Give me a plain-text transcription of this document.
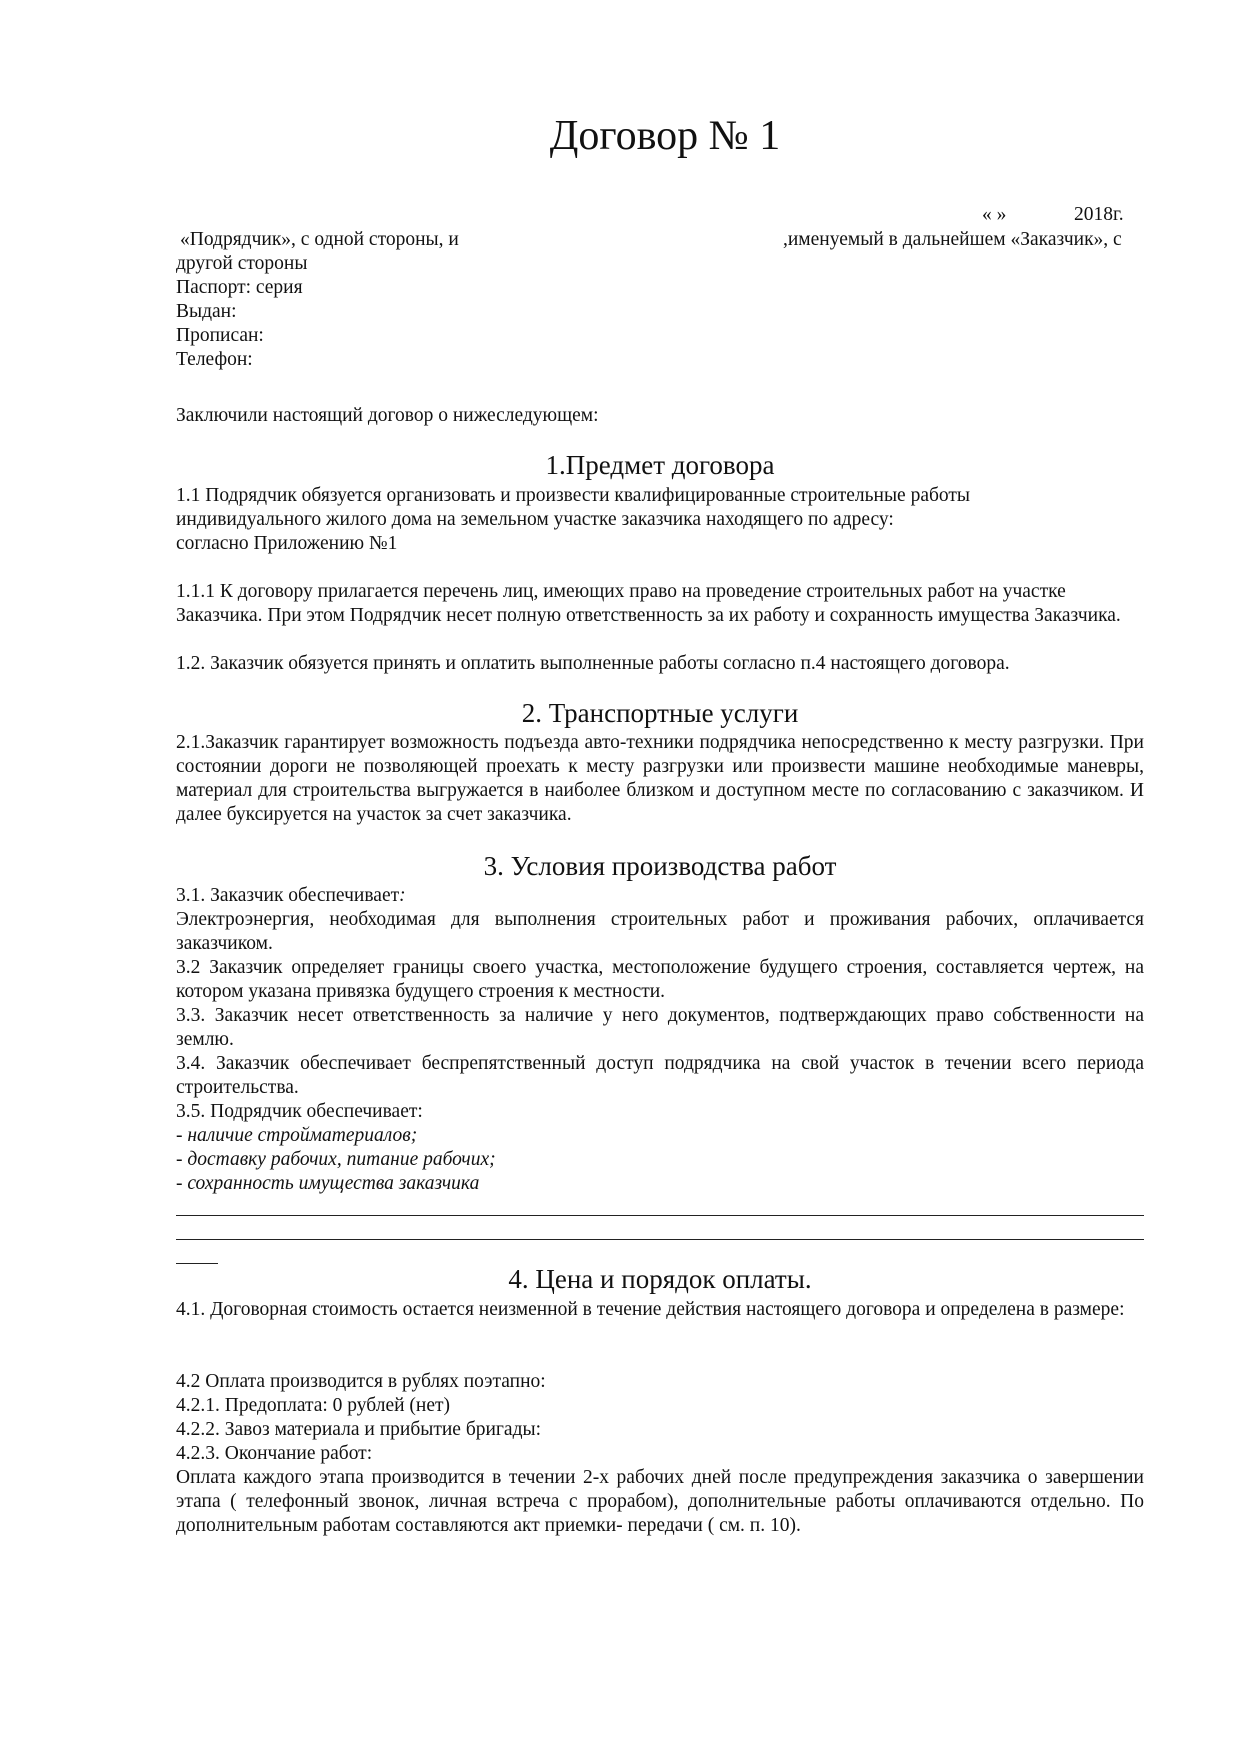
Договор № 1
« »	2018г.
«Подрядчик», с одной стороны, и	,именуемый в дальнейшем «Заказчик», с
другой стороны
Паспорт: серия
Выдан:
Прописан:
Телефон:
Заключили настоящий договор о нижеследующем:
1.Предмет договора
1.1 Подрядчик обязуется организовать и произвести квалифицированные строительные работы
индивидуального жилого дома на земельном участке заказчика находящего по адресу:
согласно Приложению №1
1.1.1 К договору прилагается перечень лиц, имеющих право на проведение строительных работ на участке Заказчика. При этом Подрядчик несет полную ответственность за их работу и сохранность имущества Заказчика.
1.2. Заказчик обязуется принять и оплатить выполненные работы согласно п.4 настоящего договора.
2. Транспортные услуги
2.1.Заказчик гарантирует возможность подъезда авто-техники подрядчика непосредственно к месту разгрузки. При состоянии дороги не позволяющей проехать к месту разгрузки или произвести машине необходимые маневры, материал для строительства выгружается в наиболее близком и доступном месте по согласованию с заказчиком. И далее буксируется на участок за счет заказчика.
3. Условия производства работ
3.1. Заказчик обеспечивает:
Электроэнергия, необходимая для выполнения строительных работ и проживания рабочих, оплачивается заказчиком.
3.2 Заказчик определяет границы своего участка, местоположение будущего строения, составляется чертеж, на котором указана привязка будущего строения к местности.
3.3. Заказчик несет ответственность за наличие у него документов, подтверждающих право собственности на землю.
3.4. Заказчик обеспечивает беспрепятственный доступ подрядчика на свой участок в течении всего периода строительства.
3.5. Подрядчик обеспечивает:
- наличие стройматериалов;
- доставку рабочих, питание рабочих;
- сохранность имущества заказчика
4. Цена и порядок оплаты.
4.1. Договорная стоимость остается неизменной в течение действия настоящего договора и определена в размере:
4.2 Оплата производится в рублях поэтапно:
4.2.1. Предоплата: 0 рублей (нет)
4.2.2. Завоз материала и прибытие бригады:
4.2.3. Окончание работ:
Оплата каждого этапа производится в течении 2-х рабочих дней после предупреждения заказчика о завершении этапа ( телефонный звонок, личная встреча с прорабом), дополнительные работы оплачиваются отдельно. По дополнительным работам составляются акт приемки- передачи ( см. п. 10).
